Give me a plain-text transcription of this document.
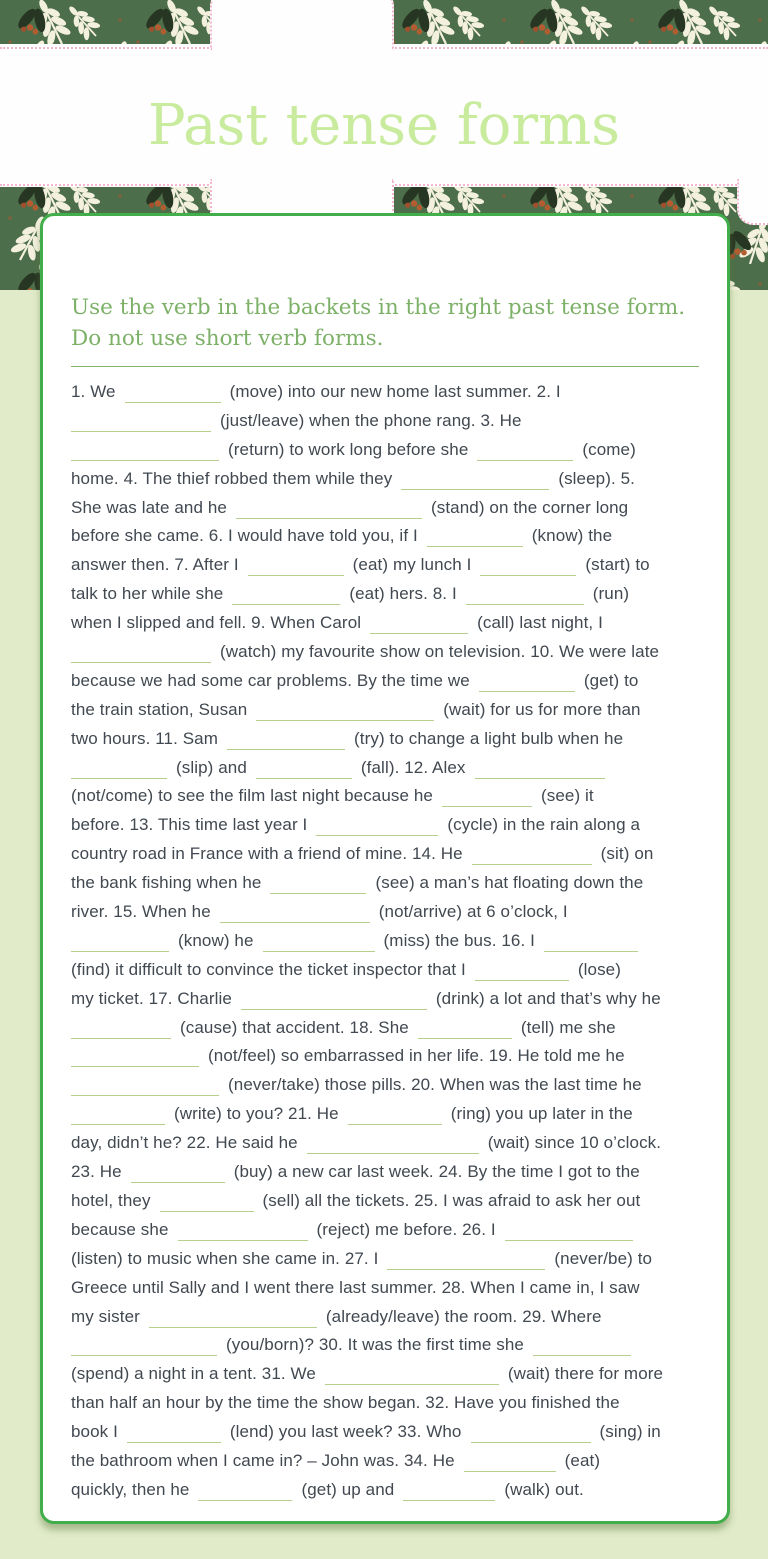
Past tense forms

Use the verb in the backets in the right past tense form. Do not use short verb forms.

1. We	(move) into our new home last summer. 2. I
(just/leave) when the phone rang. 3. He
(return) to work long before she	(come)
home. 4. The thief robbed them while they	(sleep). 5.
She was late and he	(stand) on the corner long
before she came. 6. I would have told you, if I	(know) the
answer then. 7. After I	(eat) my lunch I	(start) to
talk to her while she	(eat) hers. 8. I	(run)
when I slipped and fell. 9. When Carol	(call) last night, I
(watch) my favourite show on television. 10. We were late
because we had some car problems. By the time we	(get) to
the train station, Susan	(wait) for us for more than
two hours. 11. Sam	(try) to change a light bulb when he
(slip) and	(fall). 12. Alex
(not/come) to see the film last night because he	(see) it
before. 13. This time last year I	(cycle) in the rain along a
country road in France with a friend of mine. 14. He	(sit) on
the bank fishing when he	(see) a man’s hat floating down the
river. 15. When he	(not/arrive) at 6 o’clock, I
(know) he	(miss) the bus. 16. I
(find) it difficult to convince the ticket inspector that I	(lose)
my ticket. 17. Charlie	(drink) a lot and that’s why he
(cause) that accident. 18. She	(tell) me she
(not/feel) so embarrassed in her life. 19. He told me he
(never/take) those pills. 20. When was the last time he
(write) to you? 21. He	(ring) you up later in the
day, didn’t he? 22. He said he	(wait) since 10 o’clock.
23. He	(buy) a new car last week. 24. By the time I got to the
hotel, they	(sell) all the tickets. 25. I was afraid to ask her out
because she	(reject) me before. 26. I
(listen) to music when she came in. 27. I	(never/be) to
Greece until Sally and I went there last summer. 28. When I came in, I saw
my sister	(already/leave) the room. 29. Where
(you/born)? 30. It was the first time she
(spend) a night in a tent. 31. We	(wait) there for more
than half an hour by the time the show began. 32. Have you finished the
book I	(lend) you last week? 33. Who	(sing) in
the bathroom when I came in? – John was. 34. He	(eat)
quickly, then he	(get) up and	(walk) out.
